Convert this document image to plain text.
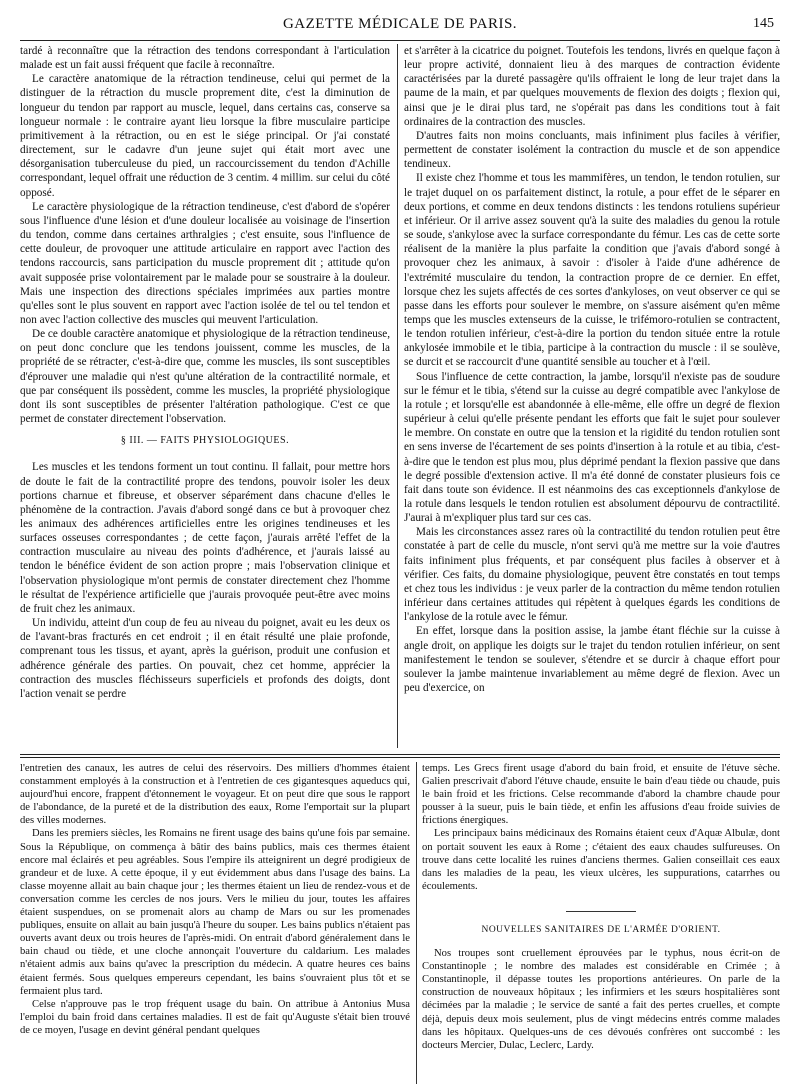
GAZETTE MÉDICALE DE PARIS.	145

tardé à reconnaître que la rétraction des tendons correspondant à l'articulation malade est un fait aussi fréquent que facile à reconnaître.

Le caractère anatomique de la rétraction tendineuse, celui qui permet de la distinguer de la rétraction du muscle proprement dite, c'est la diminution de longueur du tendon par rapport au muscle, lequel, dans certains cas, conserve sa longueur normale : le contraire ayant lieu lorsque la fibre musculaire participe primitivement à la rétraction, ou en est le siége principal. Or j'ai constaté directement, sur le cadavre d'un jeune sujet qui était mort avec une désorganisation tuberculeuse du pied, un raccourcissement du tendon d'Achille correspondant, lequel offrait une réduction de 3 centim. 4 millim. sur celui du côté opposé.

Le caractère physiologique de la rétraction tendineuse, c'est d'abord de s'opérer sous l'influence d'une lésion et d'une douleur localisée au voisinage de l'insertion du tendon, comme dans certaines arthralgies ; c'est ensuite, sous l'influence de cette douleur, de provoquer une attitude articulaire en rapport avec l'action des tendons raccourcis, sans participation du muscle proprement dit ; attitude qu'on avait supposée prise volontairement par le malade pour se soustraire à la douleur. Mais une inspection des directions spéciales imprimées aux parties montre qu'elles sont le plus souvent en rapport avec l'action isolée de tel ou tel tendon et non avec l'action collective des muscles qui meuvent l'articulation.

De ce double caractère anatomique et physiologique de la rétraction tendineuse, on peut donc conclure que les tendons jouissent, comme les muscles, de la propriété de se rétracter, c'est-à-dire que, comme les muscles, ils sont susceptibles d'éprouver une maladie qui n'est qu'une altération de la contractilité normale, et que par conséquent ils possèdent, comme les muscles, la propriété physiologique dont ils sont susceptibles de présenter l'altération pathologique. C'est ce que permet de constater directement l'observation.

§ III. — FAITS PHYSIOLOGIQUES.

Les muscles et les tendons forment un tout continu. Il fallait, pour mettre hors de doute le fait de la contractilité propre des tendons, pouvoir isoler les deux portions charnue et fibreuse, et observer séparément dans chacune d'elles le phénomène de la contraction. J'avais d'abord songé dans ce but à provoquer chez les animaux des adhérences artificielles entre les origines tendineuses et les surfaces osseuses correspondantes ; de cette façon, j'aurais arrêté l'effet de la contraction musculaire au niveau des points d'adhérence, et j'aurais laissé au tendon le bénéfice évident de son action propre ; mais l'observation clinique et l'observation physiologique m'ont permis de constater directement chez l'homme le résultat de l'expérience artificielle que j'aurais provoquée peut-être avec moins de fruit chez les animaux.

Un individu, atteint d'un coup de feu au niveau du poignet, avait eu les deux os de l'avant-bras fracturés en cet endroit ; il en était résulté une plaie profonde, comprenant tous les tissus, et ayant, après la guérison, produit une confusion et adhérence générale des parties. On pouvait, chez cet homme, apprécier la contraction des muscles fléchisseurs superficiels et profonds des doigts, dont l'action venait se perdre

et s'arrêter à la cicatrice du poignet. Toutefois les tendons, livrés en quelque façon à leur propre activité, donnaient lieu à des marques de contraction évidente caractérisées par la dureté passagère qu'ils offraient le long de leur trajet dans la paume de la main, et par quelques mouvements de flexion des doigts ; flexion qui, ainsi que je le dirai plus tard, ne s'opérait pas dans les conditions tout à fait ordinaires de la contraction des muscles.

D'autres faits non moins concluants, mais infiniment plus faciles à vérifier, permettent de constater isolément la contraction du muscle et de son appendice tendineux.

Il existe chez l'homme et tous les mammifères, un tendon, le tendon rotulien, sur le trajet duquel on os parfaitement distinct, la rotule, a pour effet de le séparer en deux portions, et comme en deux tendons distincts : les tendons rotuliens supérieur et inférieur. Or il arrive assez souvent qu'à la suite des maladies du genou la rotule se soude, s'ankylose avec la surface correspondante du fémur. Les cas de cette sorte réalisent de la manière la plus parfaite la condition que j'avais d'abord songé à provoquer chez les animaux, à savoir : d'isoler à l'aide d'une adhérence de l'extrémité musculaire du tendon, la contraction propre de ce dernier. En effet, lorsque chez les sujets affectés de ces sortes d'ankyloses, on veut observer ce qui se passe dans les efforts pour soulever le membre, on s'assure aisément qu'en même temps que les muscles extenseurs de la cuisse, le trifémoro-rotulien se contractent, le tendon rotulien inférieur, c'est-à-dire la portion du tendon située entre la rotule ankylosée immobile et le tibia, participe à la contraction du muscle : il se soulève, se durcit et se raccourcit d'une quantité sensible au toucher et à l'œil.

Sous l'influence de cette contraction, la jambe, lorsqu'il n'existe pas de soudure sur le fémur et le tibia, s'étend sur la cuisse au degré compatible avec l'ankylose de la rotule ; et lorsqu'elle est abandonnée à elle-même, elle offre un degré de flexion supérieur à celui qu'elle présente pendant les efforts que fait le sujet pour soulever le membre. On constate en outre que la tension et la rigidité du tendon rotulien sont en sens inverse de l'écartement de ses points d'insertion à la rotule et au tibia, c'est-à-dire que le tendon est plus mou, plus déprimé pendant la flexion passive que dans le degré possible d'extension active. Il m'a été donné de constater plusieurs fois ce fait dans toute son évidence. Il est néanmoins des cas exceptionnels d'ankylose de la rotule dans lesquels le tendon rotulien est absolument dépourvu de contractilité. J'aurai à m'expliquer plus tard sur ces cas.

Mais les circonstances assez rares où la contractilité du tendon rotulien peut être constatée à part de celle du muscle, n'ont servi qu'à me mettre sur la voie d'autres faits infiniment plus fréquents, et par conséquent plus faciles à observer et à vérifier. Ces faits, du domaine physiologique, peuvent être constatés en tout temps et chez tous les individus : je veux parler de la contraction du même tendon rotulien inférieur dans certaines attitudes qui répètent à quelques égards les conditions de l'ankylose de la rotule avec le fémur.

En effet, lorsque dans la position assise, la jambe étant fléchie sur la cuisse à angle droit, on applique les doigts sur le trajet du tendon rotulien inférieur, on sent manifestement le tendon se soulever, s'étendre et se durcir à chaque effort pour soulever la jambe maintenue invariablement au même degré de flexion. Avec un peu d'exercice, on

l'entretien des canaux, les autres de celui des réservoirs. Des milliers d'hommes étaient constamment employés à la construction et à l'entretien de ces gigantesques aqueducs qui, aujourd'hui encore, frappent d'étonnement le voyageur. Et on peut dire que sous le rapport de l'abondance, de la pureté et de la distribution des eaux, Rome l'emportait sur la plupart des villes modernes.

Dans les premiers siècles, les Romains ne firent usage des bains qu'une fois par semaine. Sous la République, on commença à bâtir des bains publics, mais ces thermes étaient encore mal éclairés et peu agréables. Sous l'empire ils atteignirent un degré prodigieux de grandeur et de luxe. A cette époque, il y eut évidemment abus dans l'usage des bains. La classe moyenne allait au bain chaque jour ; les thermes étaient un lieu de rendez-vous et de conversation comme les cercles de nos jours. Vers le milieu du jour, toutes les affaires étaient suspendues, on se promenait alors au champ de Mars ou sur les promenades publiques, ensuite on allait au bain jusqu'à l'heure du souper. Les bains publics n'étaient pas ouverts avant deux ou trois heures de l'après-midi. On entrait d'abord généralement dans le bain chaud ou tiède, et une cloche annonçait l'ouverture du caldarium. Les malades n'étaient admis aux bains qu'avec la prescription du médecin. A quatre heures ces bains étaient fermés. Sous quelques empereurs cependant, les bains s'ouvraient plus tôt et se fermaient plus tard.

Celse n'approuve pas le trop fréquent usage du bain. On attribue à Antonius Musa l'emploi du bain froid dans certaines maladies. Il est de fait qu'Auguste s'était bien trouvé de ce moyen, l'usage en devint général pendant quelques

temps. Les Grecs firent usage d'abord du bain froid, et ensuite de l'étuve sèche. Galien prescrivait d'abord l'étuve chaude, ensuite le bain d'eau tiède ou chaude, puis le bain froid et les frictions. Celse recommande d'abord la chambre chaude pour pousser à la sueur, puis le bain tiède, et enfin les affusions d'eau froide suivies de frictions énergiques.

Les principaux bains médicinaux des Romains étaient ceux d'Aquæ Albulæ, dont on portait souvent les eaux à Rome ; c'étaient des eaux chaudes sulfureuses. On trouve dans cette localité les ruines d'anciens thermes. Galien conseillait ces eaux dans les maladies de la peau, les vieux ulcères, les suppurations, catarrhes ou écoulements.

NOUVELLES SANITAIRES DE L'ARMÉE D'ORIENT.

Nos troupes sont cruellement éprouvées par le typhus, nous écrit-on de Constantinople ; le nombre des malades est considérable en Crimée ; à Constantinople, il dépasse toutes les proportions antérieures. On parle de la construction de nouveaux hôpitaux ; les infirmiers et les sœurs hospitalières sont décimées par la maladie ; le service de santé a fait des pertes cruelles, et compte déjà, depuis deux mois seulement, plus de vingt médecins entrés comme malades dans les hôpitaux. Quelques-uns de ces dévoués confrères ont succombé : les docteurs Mercier, Dulac, Leclerc, Lardy.
